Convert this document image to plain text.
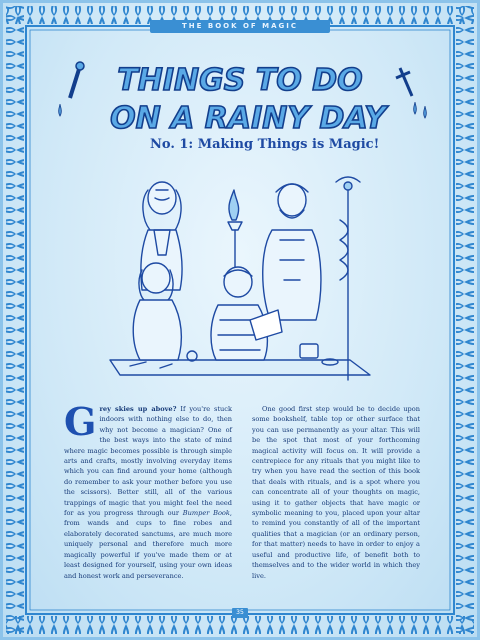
THE BOOK OF MAGIC
THINGS TO DO
ON A RAINY DAY
No. 1: Making Things is Magic!
Grey skies up above? If you're stuck indoors with nothing else to do, then why not become a magician? One of the best ways into the state of mind where magic becomes possible is through simple arts and crafts, mostly involving everyday items which you can find around your home (although do remember to ask your mother before you use the scissors). Better still, all of the various trappings of magic that you might feel the need for as you progress through our Bumper Book, from wands and cups to fine robes and elaborately decorated sanctums, are much more uniquely personal and therefore much more magically powerful if you've made them or at least designed for yourself, using your own ideas and honest work and perseverance.
One good first step would be to decide upon some bookshelf, table top or other surface that you can use permanently as your altar. This will be the spot that most of your forthcoming magical activity will focus on. It will provide a centrepiece for any rituals that you might like to try when you have read the section of this book that deals with rituals, and is a spot where you can concentrate all of your thoughts on magic, using it to gather objects that have magic or symbolic meaning to you, placed upon your altar to remind you constantly of all of the important qualities that a magician (or an ordinary person, for that matter) needs to have in order to enjoy a useful and productive life, of benefit both to themselves and to the wider world in which they live.
35
